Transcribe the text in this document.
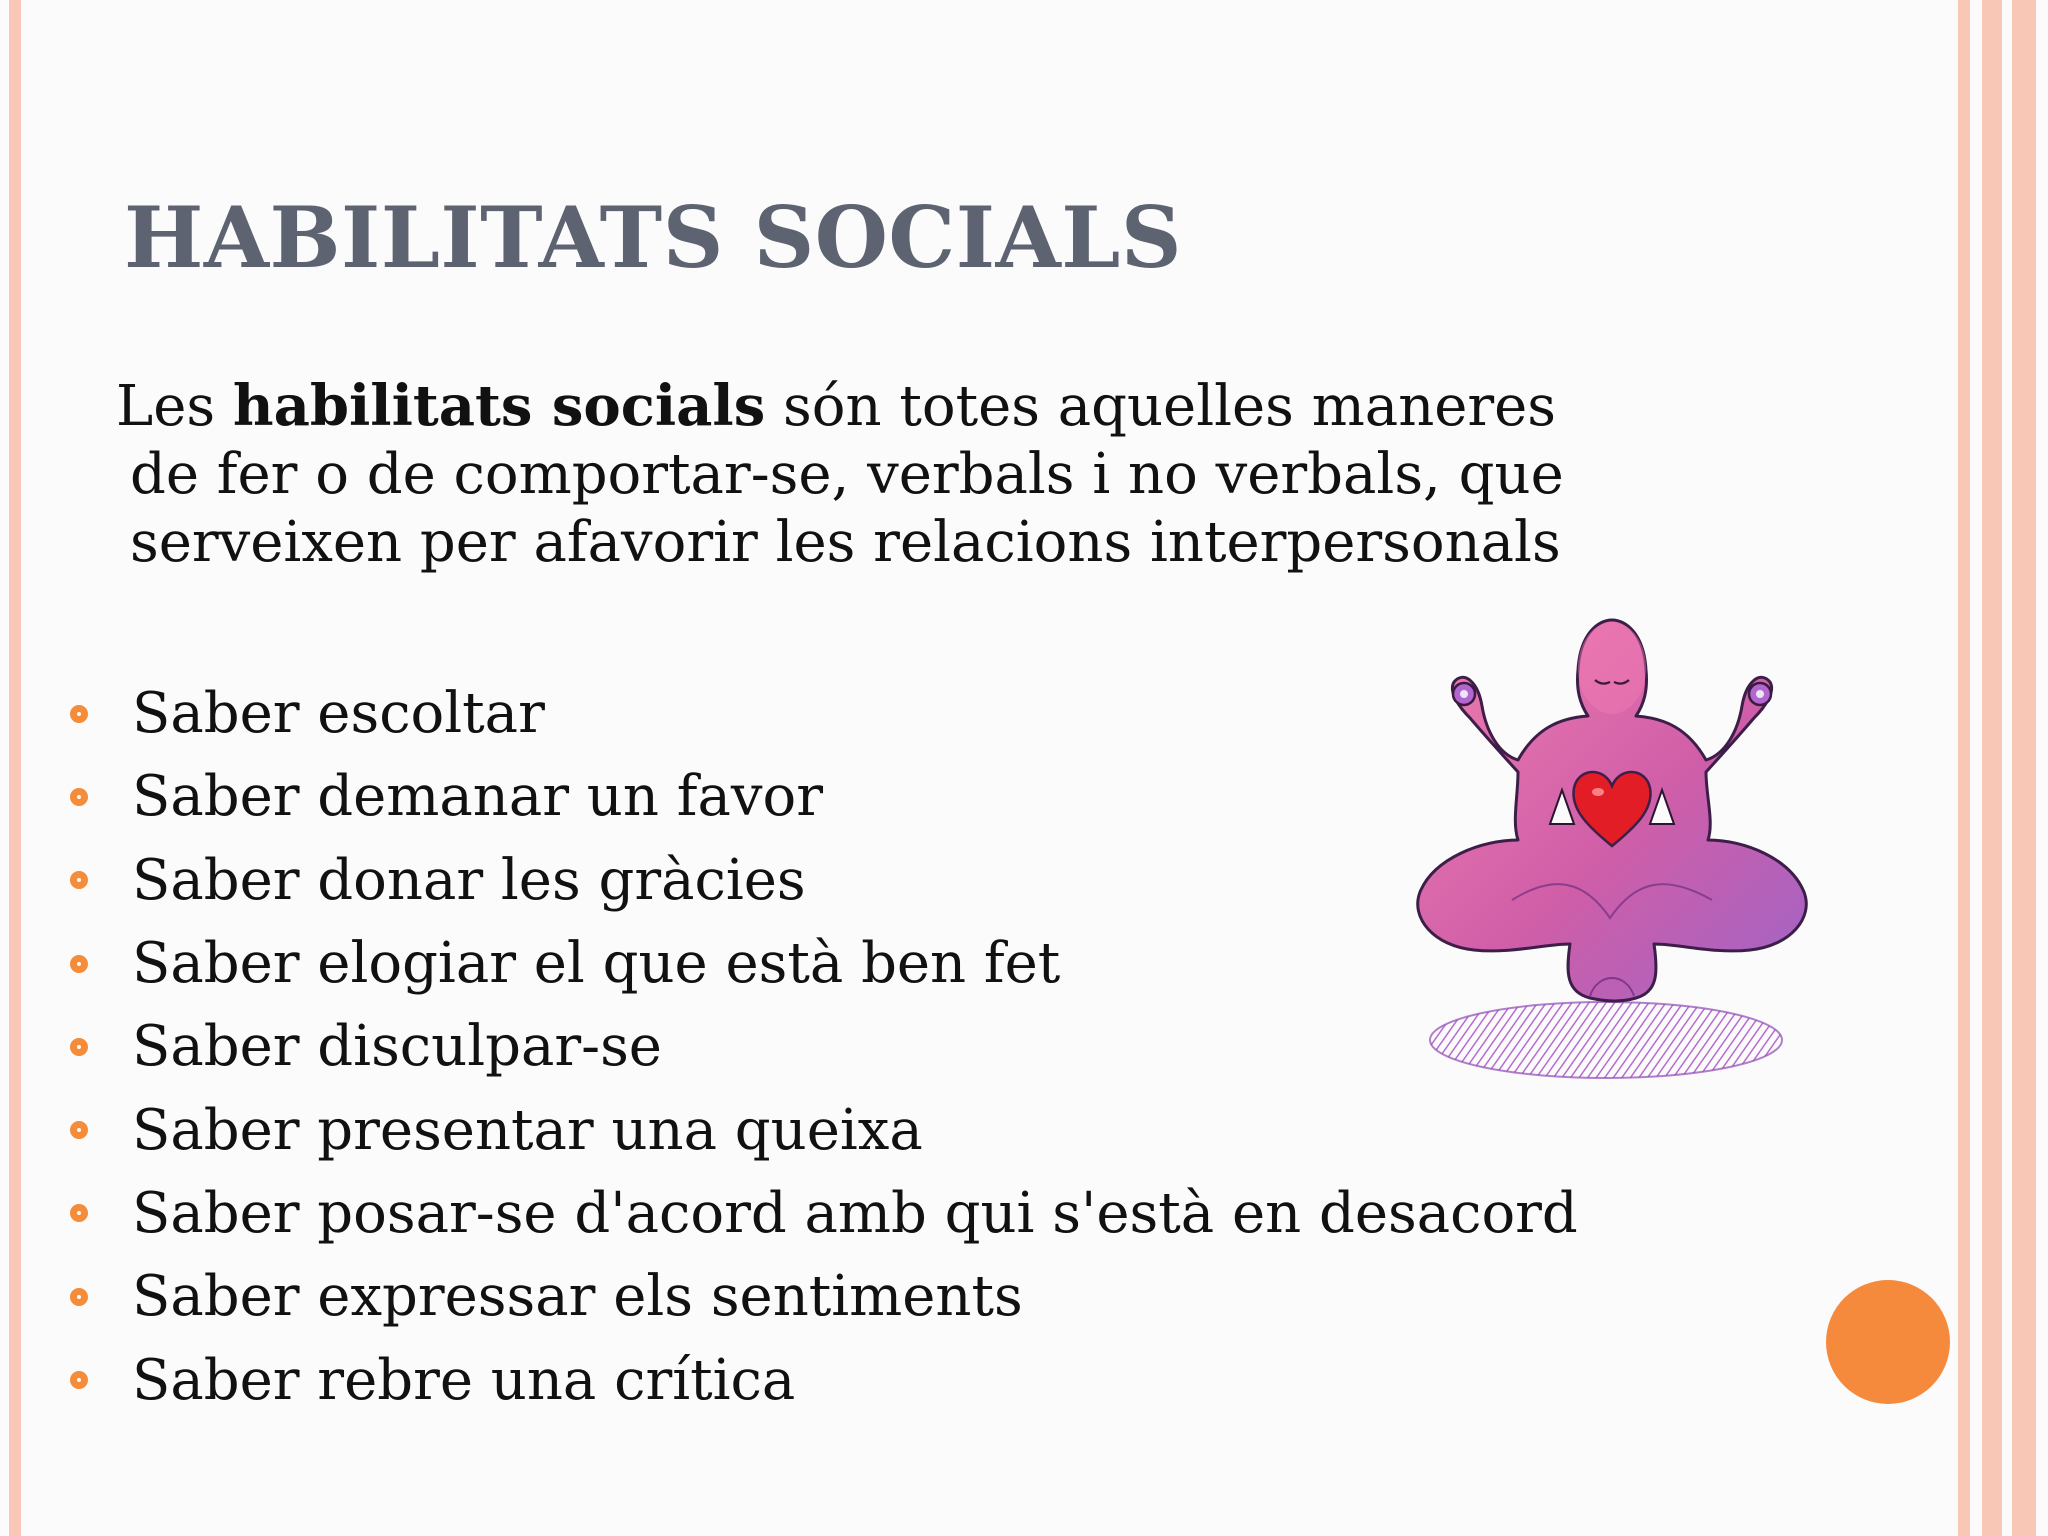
HABILITATS SOCIALS
Les habilitats socials són totes aquelles maneres
de fer o de comportar-se, verbals i no verbals, que
serveixen per afavorir les relacions interpersonals
Saber escoltar
Saber demanar un favor
Saber donar les gràcies
Saber elogiar el que està ben fet
Saber disculpar-se
Saber presentar una queixa
Saber posar-se d'acord amb qui s'està en desacord
Saber expressar els sentiments
Saber rebre una crítica
